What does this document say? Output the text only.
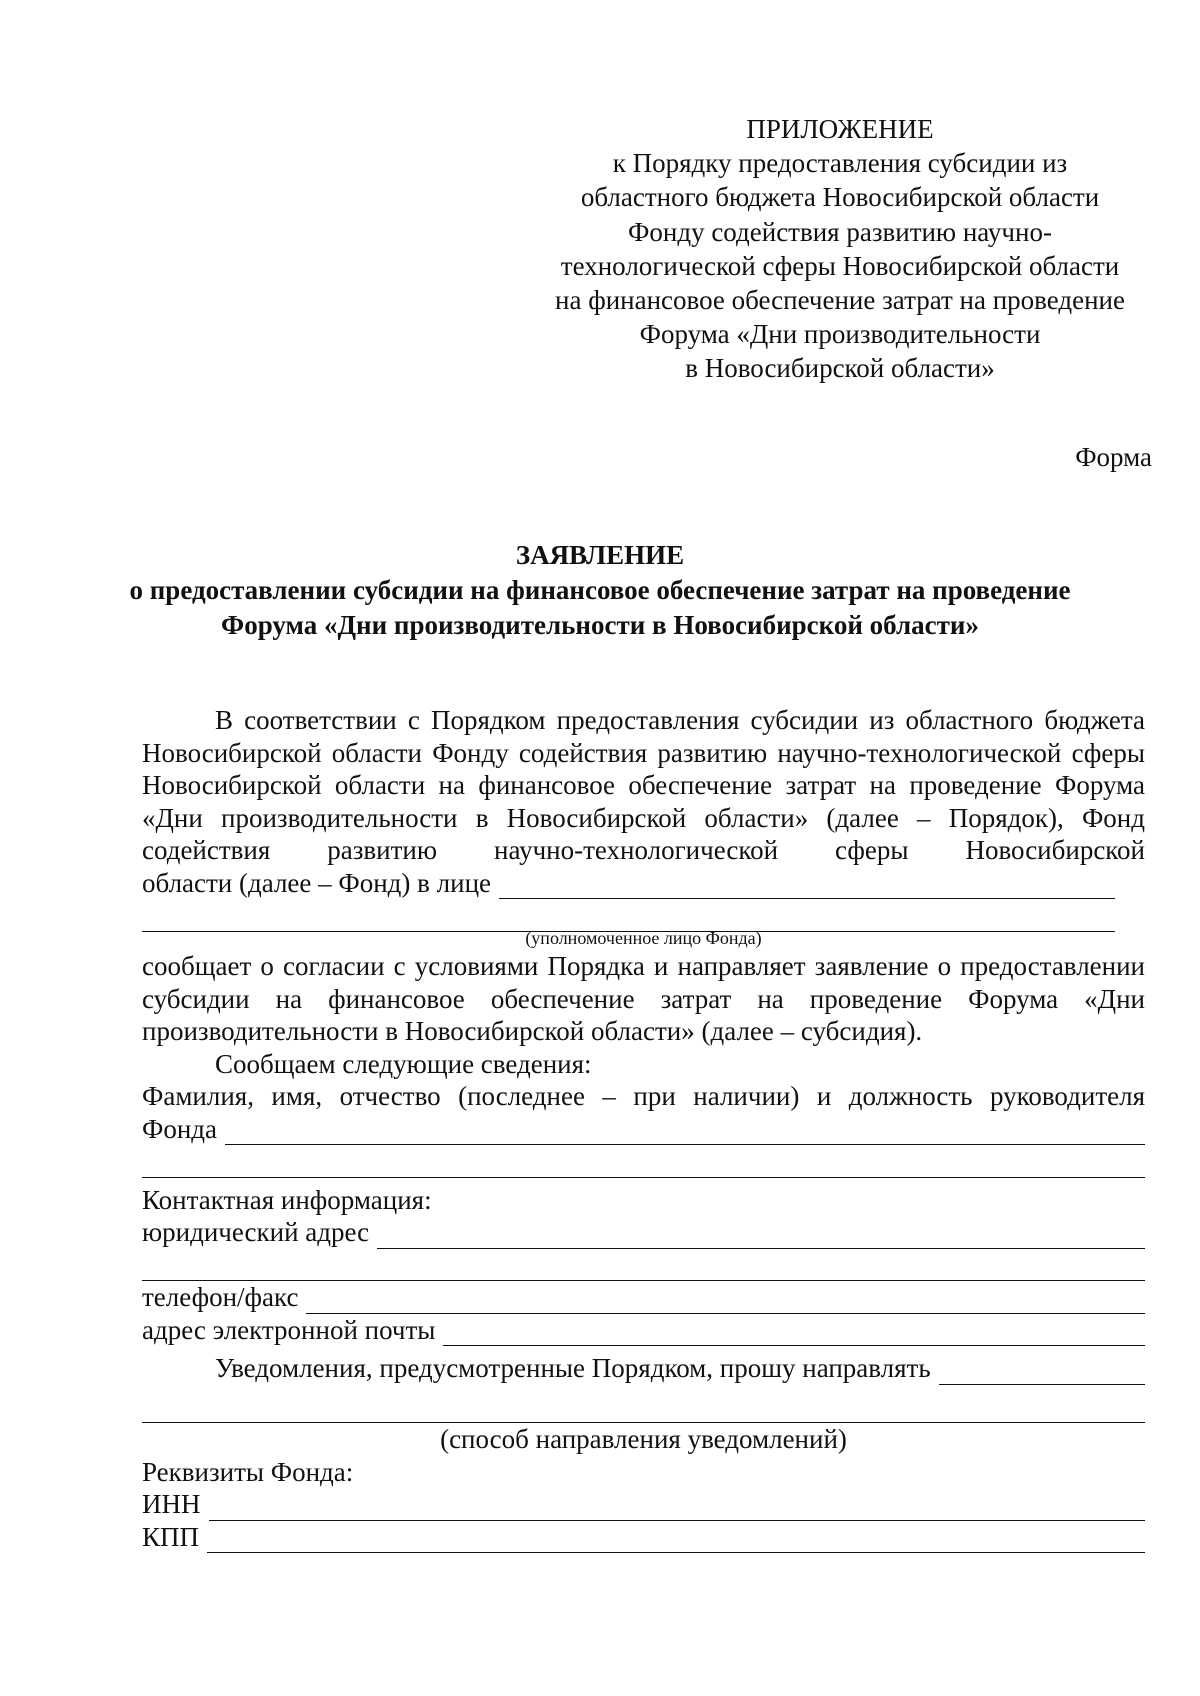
ПРИЛОЖЕНИЕ
к Порядку предоставления субсидии из
областного бюджета Новосибирской области
Фонду содействия развитию научно-
технологической сферы Новосибирской области
на финансовое обеспечение затрат на проведение
Форума «Дни производительности
в Новосибирской области»
Форма
ЗАЯВЛЕНИЕ
о предоставлении субсидии на финансовое обеспечение затрат на проведение
Форума «Дни производительности в Новосибирской области»
В соответствии с Порядком предоставления субсидии из областного бюджета Новосибирской области Фонду содействия развитию научно-технологической сферы Новосибирской области на финансовое обеспечение затрат на проведение Форума «Дни производительности в Новосибирской области» (далее – Порядок), Фонд содействия развитию научно-технологической сферы Новосибирской
области (далее – Фонд) в лице
(уполномоченное лицо Фонда)
сообщает о согласии с условиями Порядка и направляет заявление о предоставлении субсидии на финансовое обеспечение затрат на проведение Форума «Дни производительности в Новосибирской области» (далее – субсидия).
Сообщаем следующие сведения:
Фамилия, имя, отчество (последнее – при наличии) и должность руководителя
Фонда
Контактная информация:
юридический адрес
телефон/факс
адрес электронной почты
Уведомления, предусмотренные Порядком, прошу направлять
(способ направления уведомлений)
Реквизиты Фонда:
ИНН
КПП
